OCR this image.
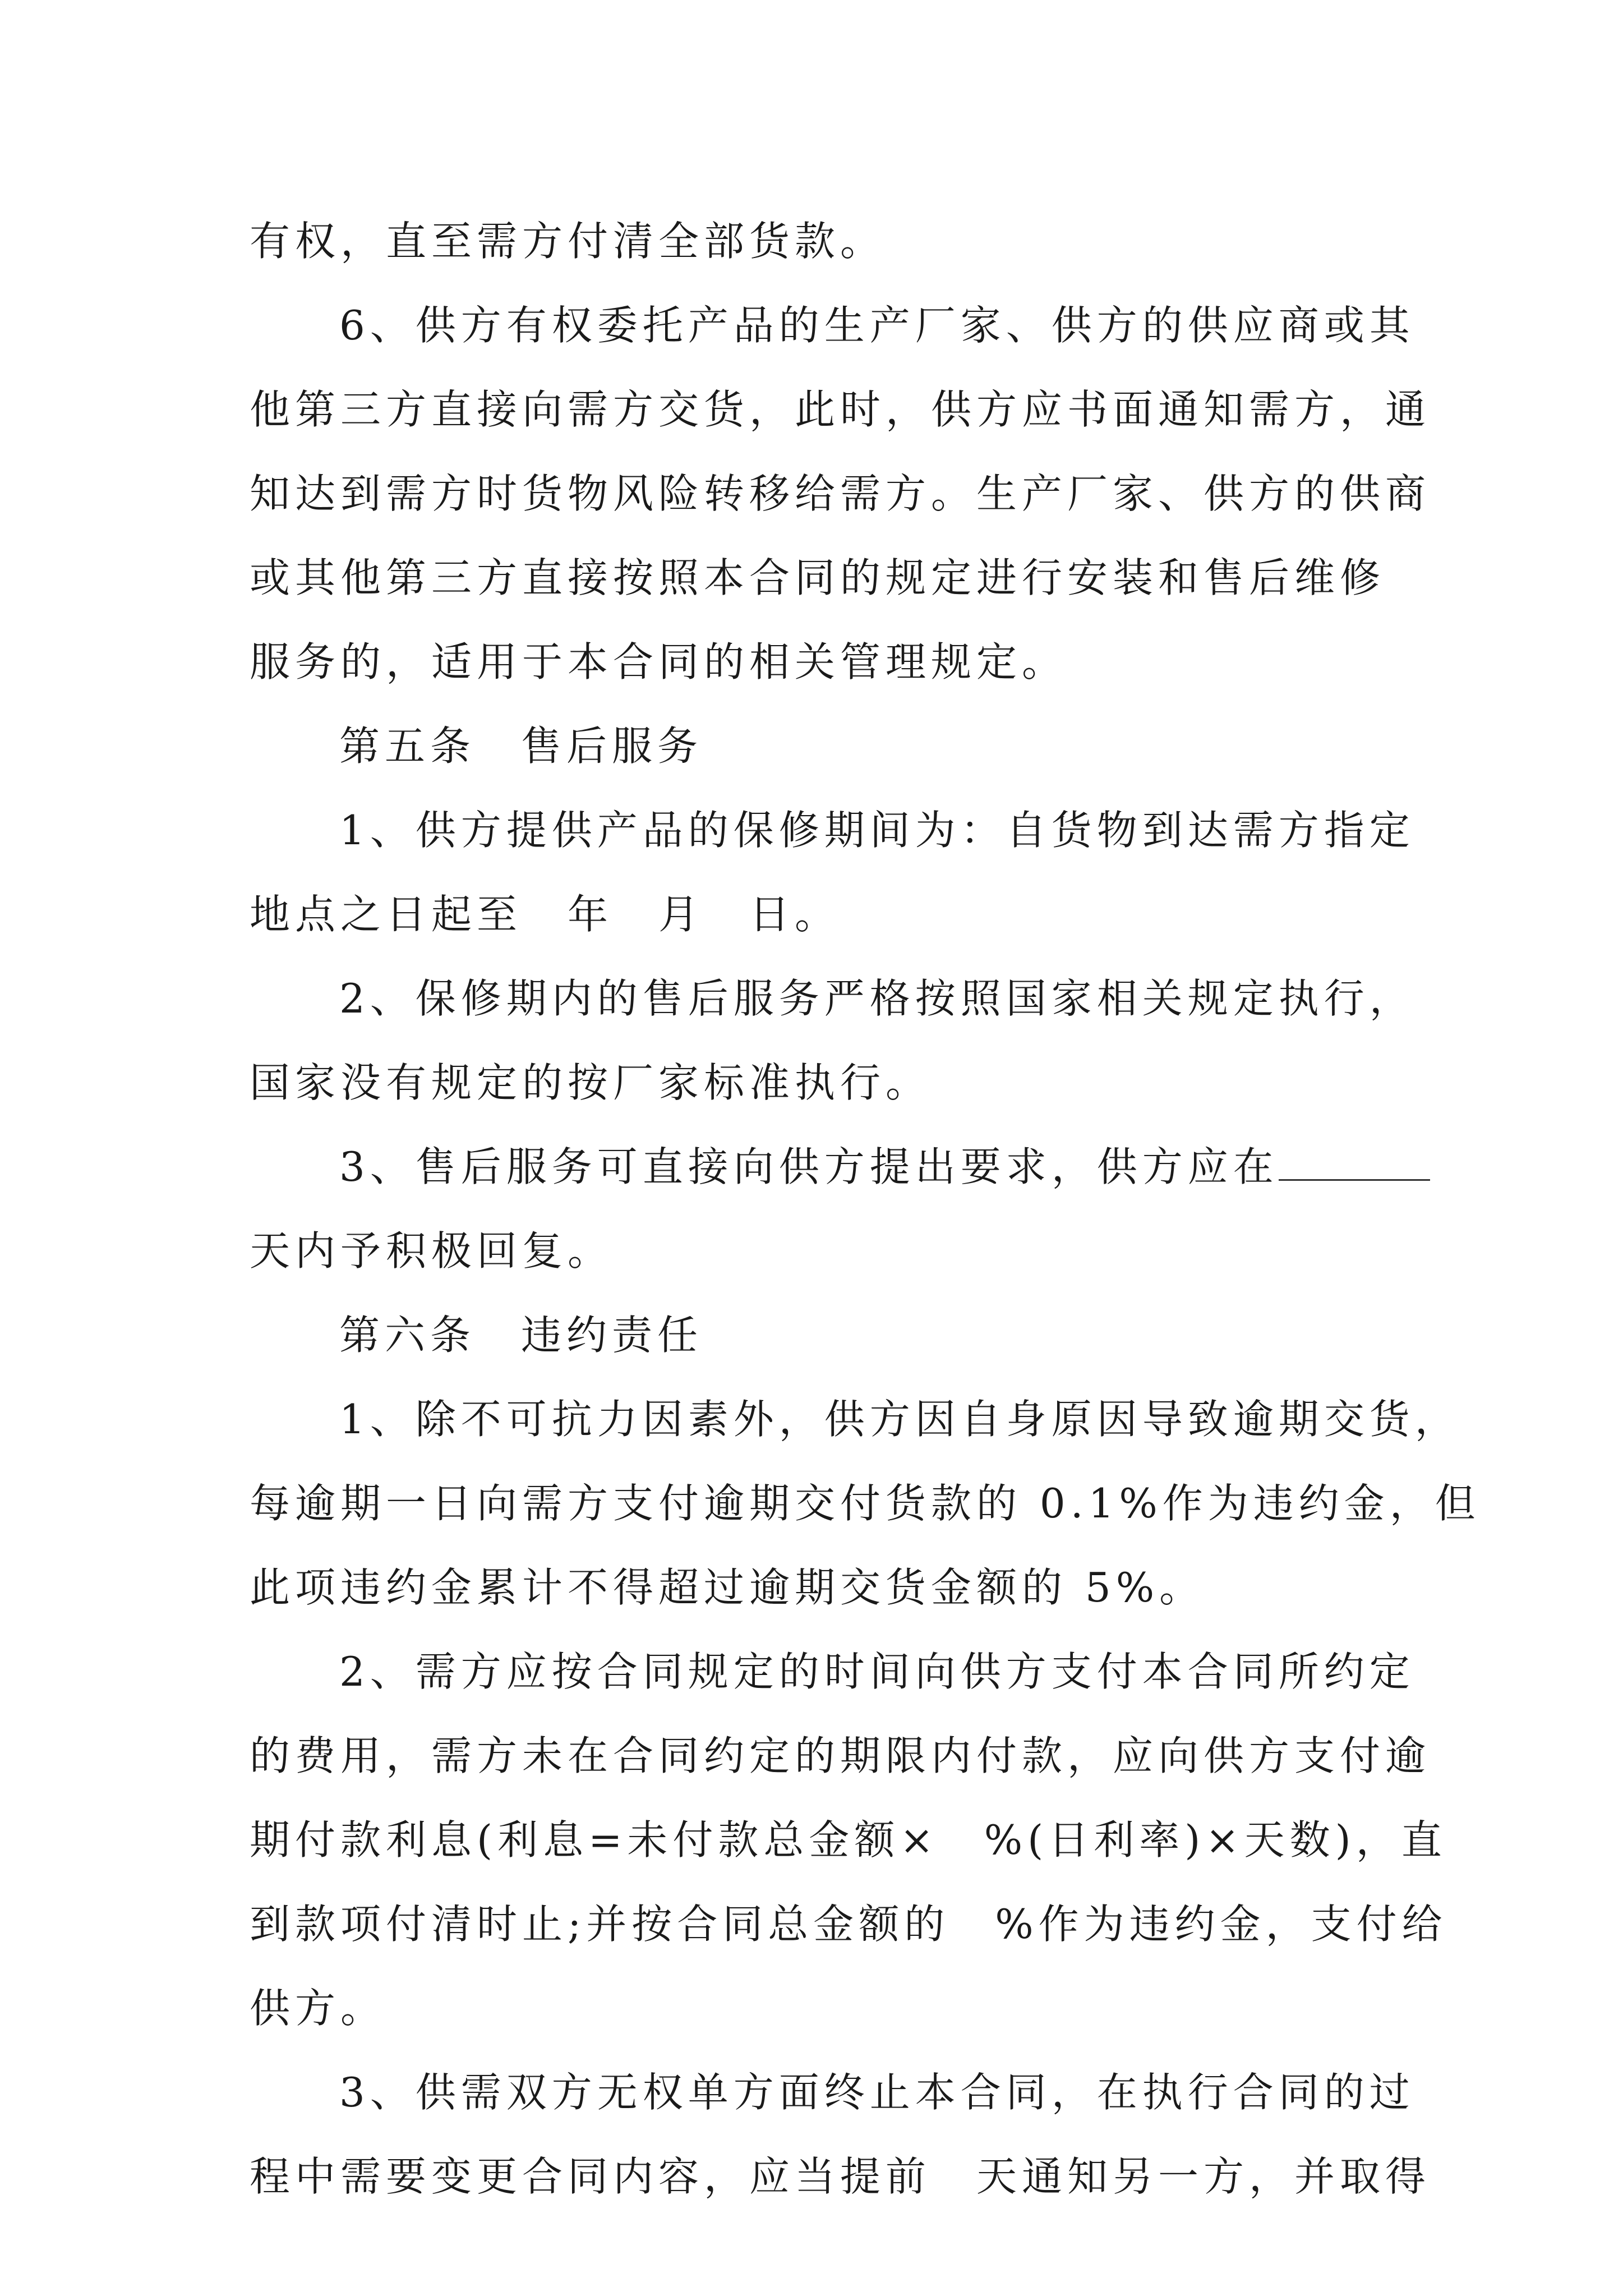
有权，直至需方付清全部货款。
6、供方有权委托产品的生产厂家、供方的供应商或其
他第三方直接向需方交货，此时，供方应书面通知需方，通
知达到需方时货物风险转移给需方。生产厂家、供方的供商
或其他第三方直接按照本合同的规定进行安装和售后维修
服务的，适用于本合同的相关管理规定。
第五条　售后服务
1、供方提供产品的保修期间为：自货物到达需方指定
地点之日起至　年　月　日。
2、保修期内的售后服务严格按照国家相关规定执行，
国家没有规定的按厂家标准执行。
3、售后服务可直接向供方提出要求，供方应在
天内予积极回复。
第六条　违约责任
1、除不可抗力因素外，供方因自身原因导致逾期交货，
每逾期一日向需方支付逾期交付货款的 0.1%作为违约金，但
此项违约金累计不得超过逾期交货金额的 5%。
2、需方应按合同规定的时间向供方支付本合同所约定
的费用，需方未在合同约定的期限内付款，应向供方支付逾
期付款利息(利息=未付款总金额×　%(日利率)×天数)，直
到款项付清时止;并按合同总金额的　%作为违约金，支付给
供方。
3、供需双方无权单方面终止本合同，在执行合同的过
程中需要变更合同内容，应当提前　天通知另一方，并取得
